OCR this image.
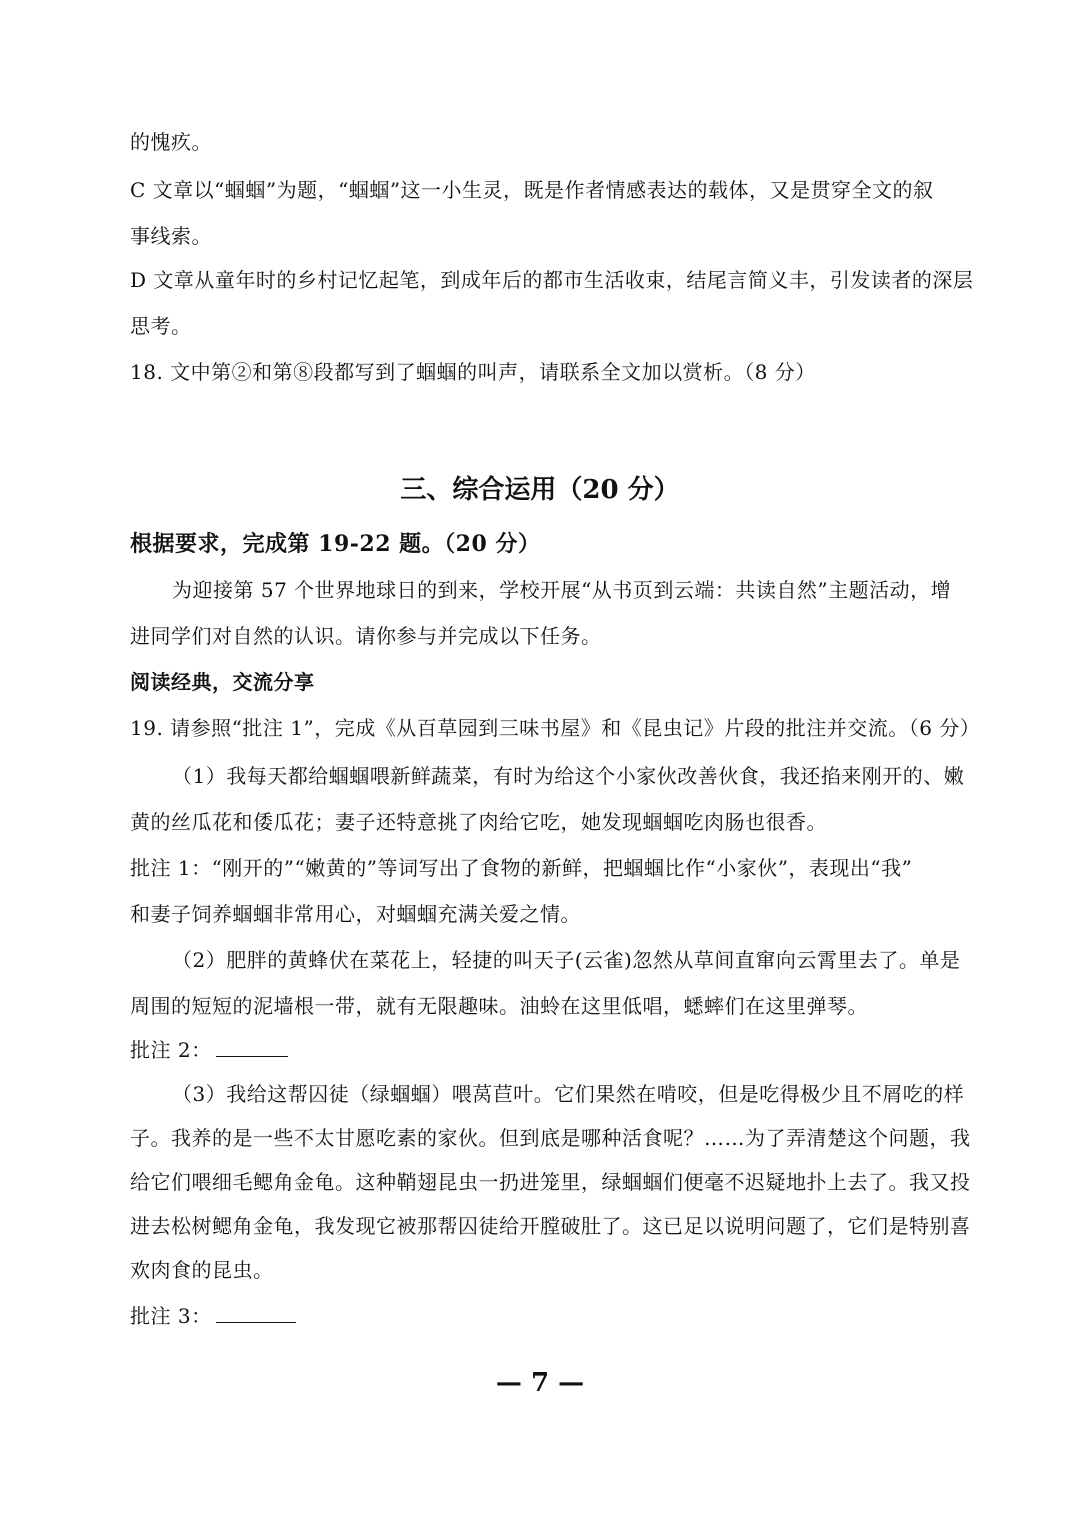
的愧疚。
C 文章以“蝈蝈”为题，“蝈蝈”这一小生灵，既是作者情感表达的载体，又是贯穿全文的叙
事线索。
D 文章从童年时的乡村记忆起笔，到成年后的都市生活收束，结尾言简义丰，引发读者的深层
思考。
18. 文中第②和第⑧段都写到了蝈蝈的叫声，请联系全文加以赏析。（8 分）
三、综合运用（20 分）
根据要求，完成第 19-22 题。（20 分）
为迎接第 57 个世界地球日的到来，学校开展“从书页到云端：共读自然”主题活动，增
进同学们对自然的认识。请你参与并完成以下任务。
阅读经典，交流分享
19. 请参照“批注 1”，完成《从百草园到三味书屋》和《昆虫记》片段的批注并交流。（6 分）
（1）我每天都给蝈蝈喂新鲜蔬菜，有时为给这个小家伙改善伙食，我还掐来刚开的、嫩
黄的丝瓜花和倭瓜花；妻子还特意挑了肉给它吃，她发现蝈蝈吃肉肠也很香。
批注 1：“刚开的”“嫩黄的”等词写出了食物的新鲜，把蝈蝈比作“小家伙”，表现出“我”
和妻子饲养蝈蝈非常用心，对蝈蝈充满关爱之情。
（2）肥胖的黄蜂伏在菜花上，轻捷的叫天子(云雀)忽然从草间直窜向云霄里去了。单是
周围的短短的泥墙根一带，就有无限趣味。油蛉在这里低唱，蟋蟀们在这里弹琴。
批注 2：
（3）我给这帮囚徒（绿蝈蝈）喂莴苣叶。它们果然在啃咬，但是吃得极少且不屑吃的样
子。我养的是一些不太甘愿吃素的家伙。但到底是哪种活食呢？……为了弄清楚这个问题，我
给它们喂细毛鳃角金龟。这种鞘翅昆虫一扔进笼里，绿蝈蝈们便毫不迟疑地扑上去了。我又投
进去松树鳃角金龟，我发现它被那帮囚徒给开膛破肚了。这已足以说明问题了，它们是特别喜
欢肉食的昆虫。
批注 3：
— 7 —
